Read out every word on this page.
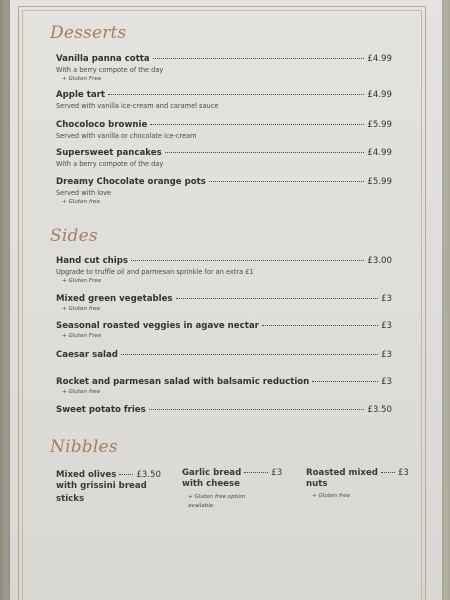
Desserts
Vanilla panna cotta	£4.99
With a berry compote of the day
+ Gluten Free
Apple tart	£4.99
Served with vanilla ice-cream and caramel sauce
Chocoloco brownie	£5.99
Served with vanilla or chocolate ice-cream
Supersweet pancakes	£4.99
With a berry compote of the day
Dreamy Chocolate orange pots	£5.99
Served with love
+ Gluten free
Sides
Hand cut chips	£3.00
Upgrade to truffle oil and parmesan sprinkle for an extra £1
+ Gluten Free
Mixed green vegetables	£3
+ Gluten free
Seasonal roasted veggies in agave nectar	£3
+ Gluten Free
Caesar salad	£3
Rocket and parmesan salad with balsamic reduction	£3
+ Gluten free
Sweet potato fries	£3.50
Nibbles
Mixed olives £3.50
with grissini bread sticks
Garlic bread	£3
with cheese
+ Gluten free option available
Roasted mixed £3
nuts
+ Gluten free
